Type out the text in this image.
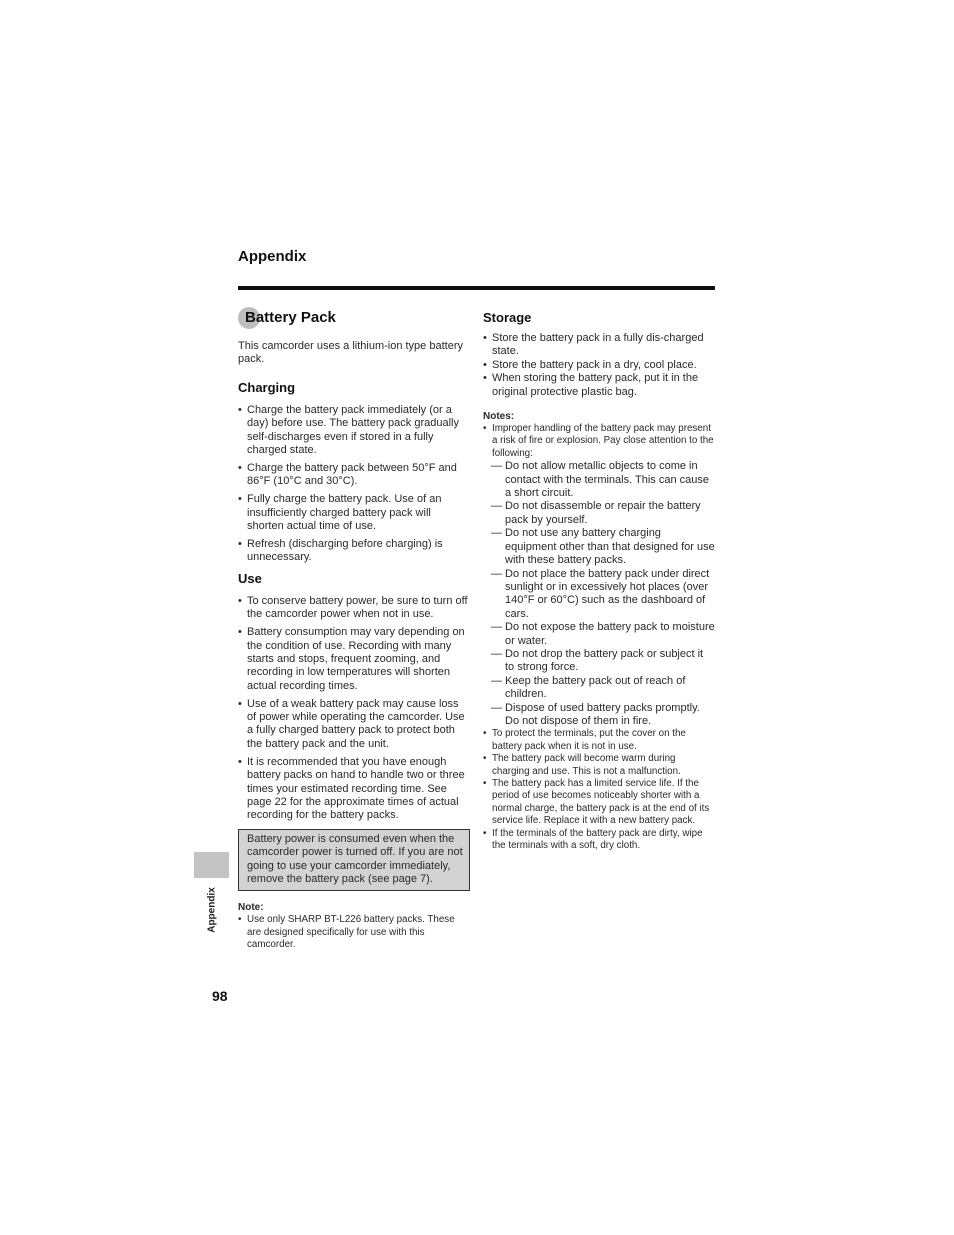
Appendix
Battery Pack

This camcorder uses a lithium-ion type battery pack.

Charging
• Charge the battery pack immediately (or a day) before use. The battery pack gradually self-discharges even if stored in a fully charged state.
• Charge the battery pack between 50°F and 86°F (10°C and 30°C).
• Fully charge the battery pack. Use of an insufficiently charged battery pack will shorten actual time of use.
• Refresh (discharging before charging) is unnecessary.
Use
• To conserve battery power, be sure to turn off the camcorder power when not in use.
• Battery consumption may vary depending on the condition of use. Recording with many starts and stops, frequent zooming, and recording in low temperatures will shorten actual recording times.
• Use of a weak battery pack may cause loss of power while operating the camcorder. Use a fully charged battery pack to protect both the battery pack and the unit.
• It is recommended that you have enough battery packs on hand to handle two or three times your estimated recording time. See page 22 for the approximate times of actual recording for the battery packs.
Battery power is consumed even when the camcorder power is turned off. If you are not going to use your camcorder immediately, remove the battery pack (see page 7).
Note:
• Use only SHARP BT-L226 battery packs. These are designed specifically for use with this camcorder.
Storage
• Store the battery pack in a fully dis-charged state.
• Store the battery pack in a dry, cool place.
• When storing the battery pack, put it in the original protective plastic bag.
Notes:
• Improper handling of the battery pack may present a risk of fire or explosion. Pay close attention to the following:
— Do not allow metallic objects to come in contact with the terminals. This can cause a short circuit.
— Do not disassemble or repair the battery pack by yourself.
— Do not use any battery charging equipment other than that designed for use with these battery packs.
— Do not place the battery pack under direct sunlight or in excessively hot places (over 140°F or 60°C) such as the dashboard of cars.
— Do not expose the battery pack to moisture or water.
— Do not drop the battery pack or subject it to strong force.
— Keep the battery pack out of reach of children.
— Dispose of used battery packs promptly. Do not dispose of them in fire.
• To protect the terminals, put the cover on the battery pack when it is not in use.
• The battery pack will become warm during charging and use. This is not a malfunction.
• The battery pack has a limited service life. If the period of use becomes noticeably shorter with a normal charge, the battery pack is at the end of its service life. Replace it with a new battery pack.
• If the terminals of the battery pack are dirty, wipe the terminals with a soft, dry cloth.
Appendix
98
